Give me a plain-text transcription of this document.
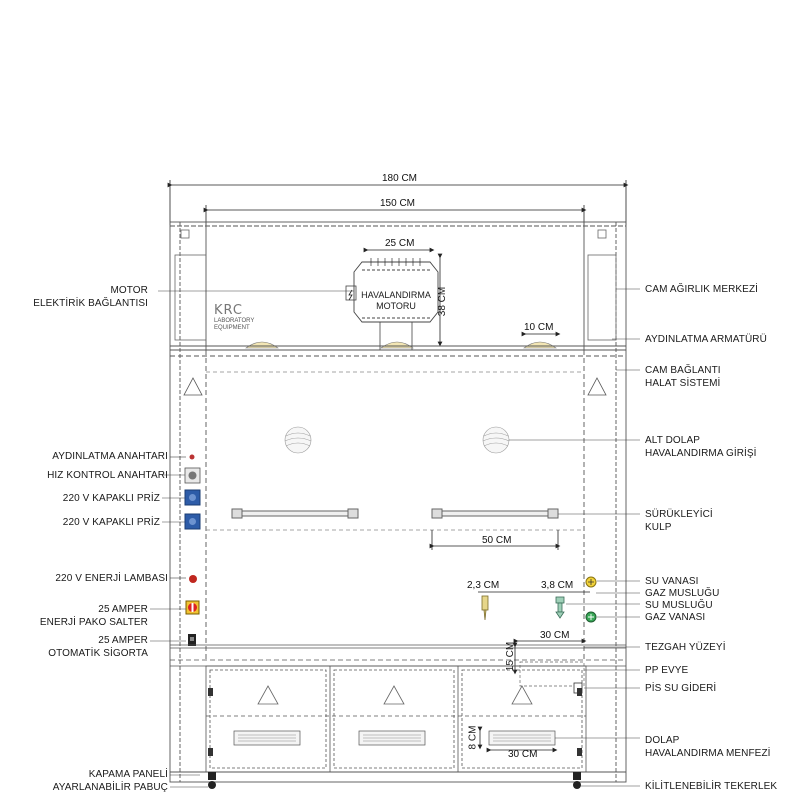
180 CM
150 CM
25 CM
38 CM
10 CM
50 CM
2,3 CM	3,8 CM
30 CM
15 CM
8 CM
30 CM
HAVALANDIRMA
MOTORU
KRC
LABORATORY
EQUIPMENT
MOTOR
ELEKTİRİK BAĞLANTISI
AYDINLATMA ANAHTARI
HIZ KONTROL ANAHTARI
220 V KAPAKLI PRİZ
220 V KAPAKLI PRİZ
220 V ENERJİ LAMBASI
25 AMPER
ENERJİ PAKO SALTER
25 AMPER
OTOMATİK SİGORTA
KAPAMA PANELİ
AYARLANABİLİR PABUÇ
CAM AĞIRLIK MERKEZİ
AYDINLATMA ARMATÜRÜ
CAM BAĞLANTI
HALAT SİSTEMİ
ALT DOLAP
HAVALANDIRMA GİRİŞİ
SÜRÜKLEYİCİ
KULP
SU VANASI
GAZ MUSLUĞU
SU MUSLUĞU
GAZ VANASI
TEZGAH YÜZEYİ
PP EVYE
PİS SU GİDERİ
DOLAP
HAVALANDIRMA MENFEZİ
KİLİTLENEBİLİR TEKERLEK
